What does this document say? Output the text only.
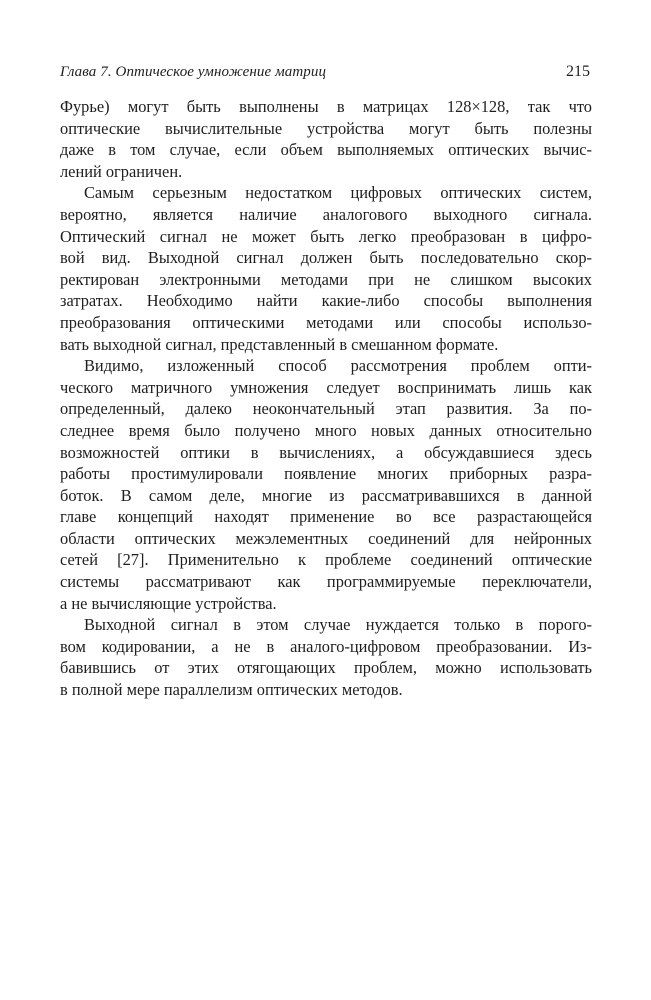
Глава 7. Оптическое умножение матриц	215

Фурье) могут быть выполнены в матрицах 128×128, так что
оптические вычислительные устройства могут быть полезны
даже в том случае, если объем выполняемых оптических вычис-
лений ограничен.

Самым серьезным недостатком цифровых оптических систем,
вероятно, является наличие аналогового выходного сигнала.
Оптический сигнал не может быть легко преобразован в цифро-
вой вид. Выходной сигнал должен быть последовательно скор-
ректирован электронными методами при не слишком высоких
затратах. Необходимо найти какие-либо способы выполнения
преобразования оптическими методами или способы использо-
вать выходной сигнал, представленный в смешанном формате.

Видимо, изложенный способ рассмотрения проблем опти-
ческого матричного умножения следует воспринимать лишь как
определенный, далеко неокончательный этап развития. За по-
следнее время было получено много новых данных относительно
возможностей оптики в вычислениях, а обсуждавшиеся здесь
работы простимулировали появление многих приборных разра-
боток. В самом деле, многие из рассматривавшихся в данной
главе концепций находят применение во все разрастающейся
области оптических межэлементных соединений для нейронных
сетей [27]. Применительно к проблеме соединений оптические
системы рассматривают как программируемые переключатели,
а не вычисляющие устройства.

Выходной сигнал в этом случае нуждается только в порого-
вом кодировании, а не в аналого-цифровом преобразовании. Из-
бавившись от этих отягощающих проблем, можно использовать
в полной мере параллелизм оптических методов.
